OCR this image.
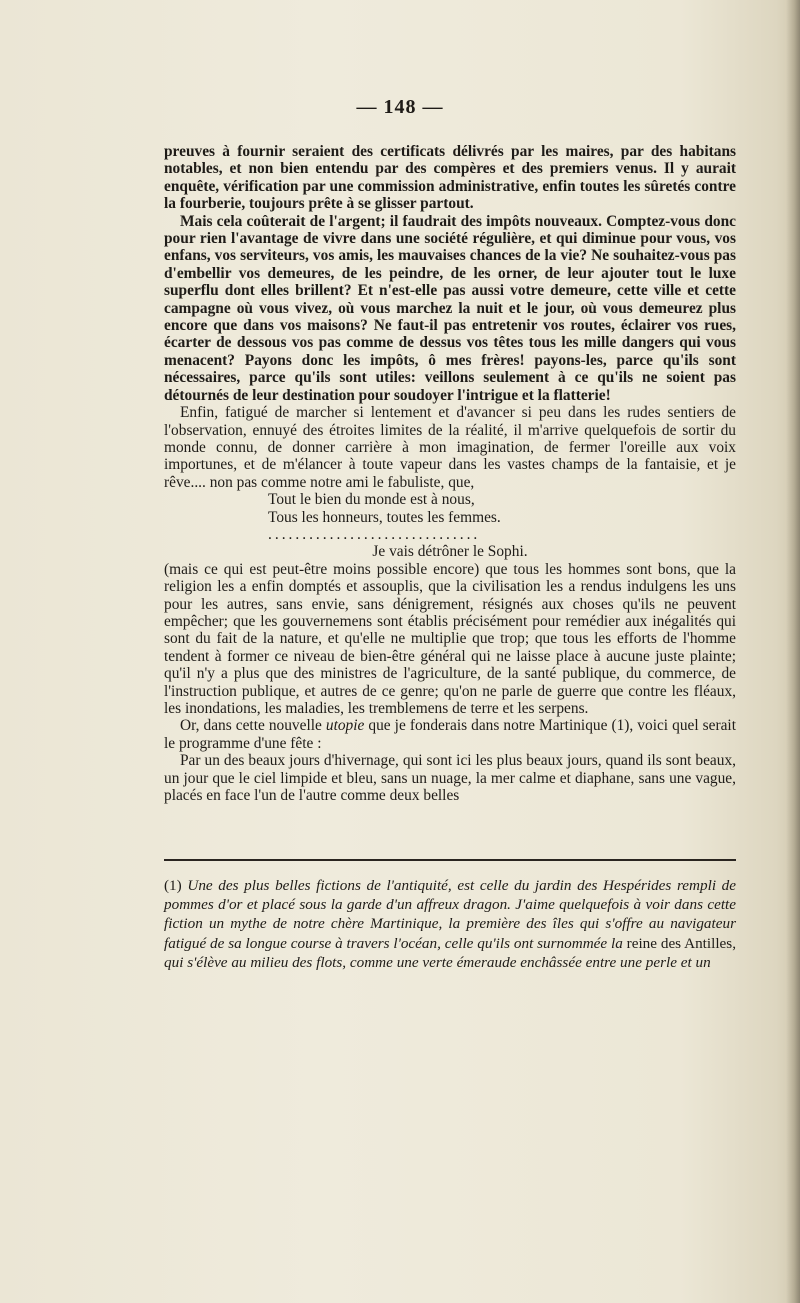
— 148 —

preuves à fournir seraient des certificats délivrés par les maires, par des habitans notables, et non bien entendu par des compères et des premiers venus. Il y aurait enquête, vérification par une commission administrative, enfin toutes les sûretés contre la fourberie, toujours prête à se glisser partout.

Mais cela coûterait de l'argent; il faudrait des impôts nouveaux. Comptez-vous donc pour rien l'avantage de vivre dans une société régulière, et qui diminue pour vous, vos enfans, vos serviteurs, vos amis, les mauvaises chances de la vie? Ne souhaitez-vous pas d'embellir vos demeures, de les peindre, de les orner, de leur ajouter tout le luxe superflu dont elles brillent? Et n'est-elle pas aussi votre demeure, cette ville et cette campagne où vous vivez, où vous marchez la nuit et le jour, où vous demeurez plus encore que dans vos maisons? Ne faut-il pas entretenir vos routes, éclairer vos rues, écarter de dessous vos pas comme de dessus vos têtes tous les mille dangers qui vous menacent? Payons donc les impôts, ô mes frères! payons-les, parce qu'ils sont nécessaires, parce qu'ils sont utiles: veillons seulement à ce qu'ils ne soient pas détournés de leur destination pour soudoyer l'intrigue et la flatterie!

Enfin, fatigué de marcher si lentement et d'avancer si peu dans les rudes sentiers de l'observation, ennuyé des étroites limites de la réalité, il m'arrive quelquefois de sortir du monde connu, de donner carrière à mon imagination, de fermer l'oreille aux voix importunes, et de m'élancer à toute vapeur dans les vastes champs de la fantaisie, et je rêve.... non pas comme notre ami le fabuliste, que,

Tout le bien du monde est à nous,
Tous les honneurs, toutes les femmes.
...............................
Je vais détrôner le Sophi.

(mais ce qui est peut-être moins possible encore) que tous les hommes sont bons, que la religion les a enfin domptés et assouplis, que la civilisation les a rendus indulgens les uns pour les autres, sans envie, sans dénigrement, résignés aux choses qu'ils ne peuvent empêcher; que les gouvernemens sont établis précisément pour remédier aux inégalités qui sont du fait de la nature, et qu'elle ne multiplie que trop; que tous les efforts de l'homme tendent à former ce niveau de bien-être général qui ne laisse place à aucune juste plainte; qu'il n'y a plus que des ministres de l'agriculture, de la santé publique, du commerce, de l'instruction publique, et autres de ce genre; qu'on ne parle de guerre que contre les fléaux, les inondations, les maladies, les tremblemens de terre et les serpens.

Or, dans cette nouvelle utopie que je fonderais dans notre Martinique (1), voici quel serait le programme d'une fête :

Par un des beaux jours d'hivernage, qui sont ici les plus beaux jours, quand ils sont beaux, un jour que le ciel limpide et bleu, sans un nuage, la mer calme et diaphane, sans une vague, placés en face l'un de l'autre comme deux belles

(1) Une des plus belles fictions de l'antiquité, est celle du jardin des Hespérides rempli de pommes d'or et placé sous la garde d'un affreux dragon. J'aime quelquefois à voir dans cette fiction un mythe de notre chère Martinique, la première des îles qui s'offre au navigateur fatigué de sa longue course à travers l'océan, celle qu'ils ont surnommée la reine des Antilles, qui s'élève au milieu des flots, comme une verte émeraude enchâssée entre une perle et un
